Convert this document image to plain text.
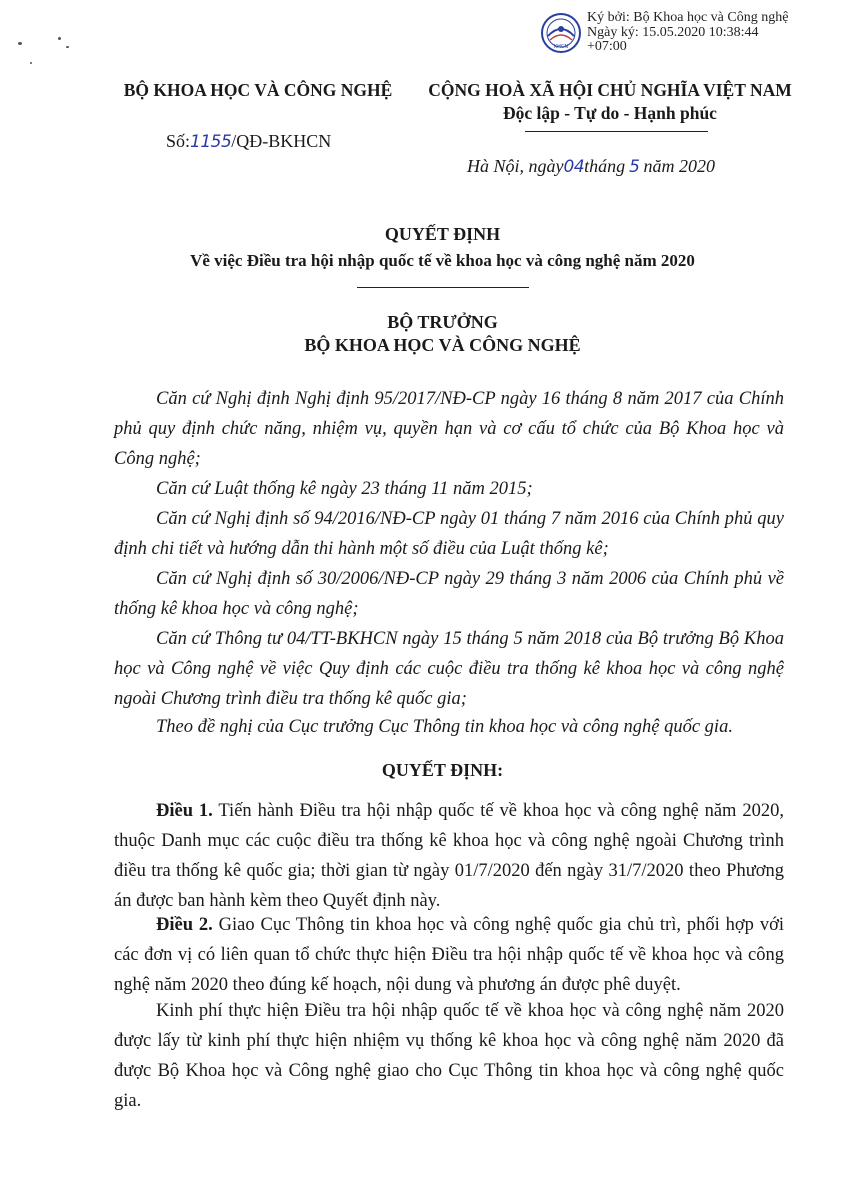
KHCN
Ký bởi: Bộ Khoa học và Công nghệ
Ngày ký: 15.05.2020 10:38:44
+07:00
BỘ KHOA HỌC VÀ CÔNG NGHỆ
Số:1155/QĐ-BKHCN
CỘNG HOÀ XÃ HỘI CHỦ NGHĨA VIỆT NAM
Độc lập - Tự do - Hạnh phúc
Hà Nội, ngày04tháng 5 năm 2020
QUYẾT ĐỊNH
Về việc Điều tra hội nhập quốc tế về khoa học và công nghệ năm 2020
BỘ TRƯỞNG
BỘ KHOA HỌC VÀ CÔNG NGHỆ
Căn cứ Nghị định Nghị định 95/2017/NĐ-CP ngày 16 tháng 8 năm 2017 của Chính phủ quy định chức năng, nhiệm vụ, quyền hạn và cơ cấu tổ chức của Bộ Khoa học và Công nghệ;
Căn cứ Luật thống kê ngày 23 tháng 11 năm 2015;
Căn cứ Nghị định số 94/2016/NĐ-CP ngày 01 tháng 7 năm 2016 của Chính phủ quy định chi tiết và hướng dẫn thi hành một số điều của Luật thống kê;
Căn cứ Nghị định số 30/2006/NĐ-CP ngày 29 tháng 3 năm 2006 của Chính phủ về thống kê khoa học và công nghệ;
Căn cứ Thông tư 04/TT-BKHCN ngày 15 tháng 5 năm 2018 của Bộ trưởng Bộ Khoa học và Công nghệ về việc Quy định các cuộc điều tra thống kê khoa học và công nghệ ngoài Chương trình điều tra thống kê quốc gia;
Theo đề nghị của Cục trưởng Cục Thông tin khoa học và công nghệ quốc gia.
QUYẾT ĐỊNH:
Điều 1. Tiến hành Điều tra hội nhập quốc tế về khoa học và công nghệ năm 2020, thuộc Danh mục các cuộc điều tra thống kê khoa học và công nghệ ngoài Chương trình điều tra thống kê quốc gia; thời gian từ ngày 01/7/2020 đến ngày 31/7/2020 theo Phương án được ban hành kèm theo Quyết định này.
Điều 2. Giao Cục Thông tin khoa học và công nghệ quốc gia chủ trì, phối hợp với các đơn vị có liên quan tổ chức thực hiện Điều tra hội nhập quốc tế về khoa học và công nghệ năm 2020 theo đúng kế hoạch, nội dung và phương án được phê duyệt.
Kinh phí thực hiện Điều tra hội nhập quốc tế về khoa học và công nghệ năm 2020 được lấy từ kinh phí thực hiện nhiệm vụ thống kê khoa học và công nghệ năm 2020 đã được Bộ Khoa học và Công nghệ giao cho Cục Thông tin khoa học và công nghệ quốc gia.
